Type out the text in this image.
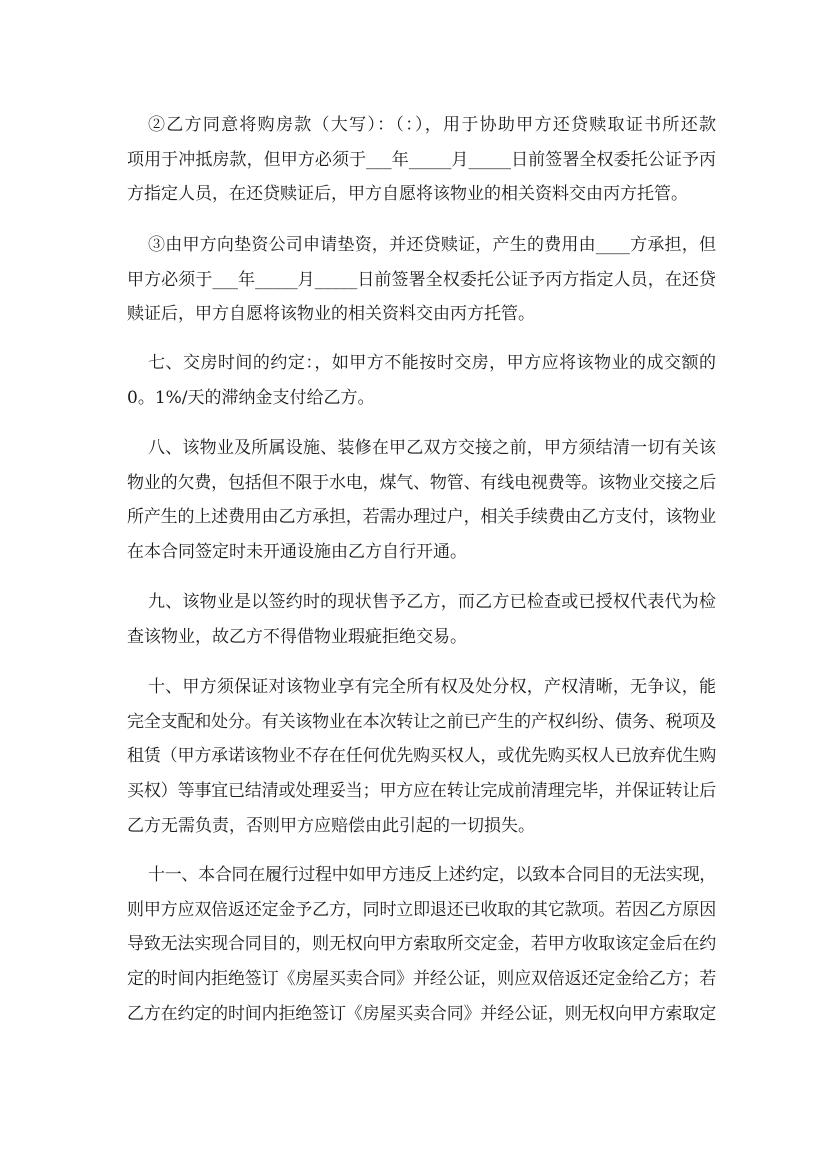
②乙方同意将购房款（大写）：（：），用于协助甲方还贷赎取证书所还款
项用于冲抵房款，但甲方必须于___年_____月_____日前签署全权委托公证予丙
方指定人员，在还贷赎证后，甲方自愿将该物业的相关资料交由丙方托管。
③由甲方向垫资公司申请垫资，并还贷赎证，产生的费用由____方承担，但
甲方必须于___年_____月_____日前签署全权委托公证予丙方指定人员，在还贷
赎证后，甲方自愿将该物业的相关资料交由丙方托管。
七、交房时间的约定：，如甲方不能按时交房，甲方应将该物业的成交额的
0。1%/天的滞纳金支付给乙方。
八、该物业及所属设施、装修在甲乙双方交接之前，甲方须结清一切有关该
物业的欠费，包括但不限于水电，煤气、物管、有线电视费等。该物业交接之后
所产生的上述费用由乙方承担，若需办理过户，相关手续费由乙方支付，该物业
在本合同签定时未开通设施由乙方自行开通。
九、该物业是以签约时的现状售予乙方，而乙方已检查或已授权代表代为检
查该物业，故乙方不得借物业瑕疵拒绝交易。
十、甲方须保证对该物业享有完全所有权及处分权，产权清晰，无争议，能
完全支配和处分。有关该物业在本次转让之前已产生的产权纠纷、债务、税项及
租赁（甲方承诺该物业不存在任何优先购买权人，或优先购买权人已放弃优生购
买权）等事宜已结清或处理妥当；甲方应在转让完成前清理完毕，并保证转让后
乙方无需负责，否则甲方应赔偿由此引起的一切损失。
十一、本合同在履行过程中如甲方违反上述约定，以致本合同目的无法实现，
则甲方应双倍返还定金予乙方，同时立即退还已收取的其它款项。若因乙方原因
导致无法实现合同目的，则无权向甲方索取所交定金，若甲方收取该定金后在约
定的时间内拒绝签订《房屋买卖合同》并经公证，则应双倍返还定金给乙方；若
乙方在约定的时间内拒绝签订《房屋买卖合同》并经公证，则无权向甲方索取定
